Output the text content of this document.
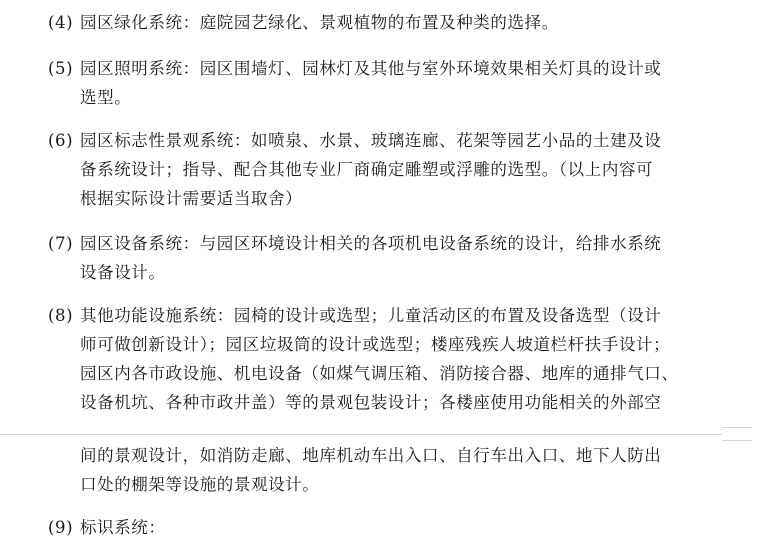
(4) 园区绿化系统：庭院园艺绿化、景观植物的布置及种类的选择。
(5) 园区照明系统：园区围墙灯、园林灯及其他与室外环境效果相关灯具的设计或
选型。
(6) 园区标志性景观系统：如喷泉、水景、玻璃连廊、花架等园艺小品的土建及设
备系统设计；指导、配合其他专业厂商确定雕塑或浮雕的选型。（以上内容可
根据实际设计需要适当取舍）
(7) 园区设备系统：与园区环境设计相关的各项机电设备系统的设计，给排水系统
设备设计。
(8) 其他功能设施系统：园椅的设计或选型；儿童活动区的布置及设备选型（设计
师可做创新设计）；园区垃圾筒的设计或选型；楼座残疾人坡道栏杆扶手设计；
园区内各市政设施、机电设备（如煤气调压箱、消防接合器、地库的通排气口、
设备机坑、各种市政井盖）等的景观包装设计；各楼座使用功能相关的外部空
间的景观设计，如消防走廊、地库机动车出入口、自行车出入口、地下人防出
口处的棚架等设施的景观设计。
(9) 标识系统：
